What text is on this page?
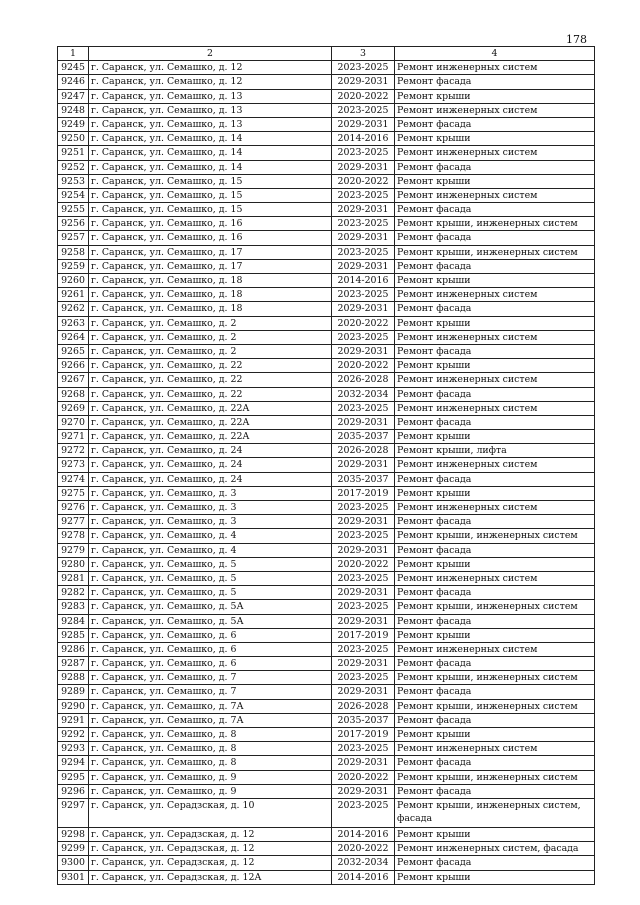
178
1	2	3	4
9245	г. Саранск, ул. Семашко, д. 12	2023-2025	Ремонт инженерных систем
9246	г. Саранск, ул. Семашко, д. 12	2029-2031	Ремонт фасада
9247	г. Саранск, ул. Семашко, д. 13	2020-2022	Ремонт крыши
9248	г. Саранск, ул. Семашко, д. 13	2023-2025	Ремонт инженерных систем
9249	г. Саранск, ул. Семашко, д. 13	2029-2031	Ремонт фасада
9250	г. Саранск, ул. Семашко, д. 14	2014-2016	Ремонт крыши
9251	г. Саранск, ул. Семашко, д. 14	2023-2025	Ремонт инженерных систем
9252	г. Саранск, ул. Семашко, д. 14	2029-2031	Ремонт фасада
9253	г. Саранск, ул. Семашко, д. 15	2020-2022	Ремонт крыши
9254	г. Саранск, ул. Семашко, д. 15	2023-2025	Ремонт инженерных систем
9255	г. Саранск, ул. Семашко, д. 15	2029-2031	Ремонт фасада
9256	г. Саранск, ул. Семашко, д. 16	2023-2025	Ремонт крыши, инженерных систем
9257	г. Саранск, ул. Семашко, д. 16	2029-2031	Ремонт фасада
9258	г. Саранск, ул. Семашко, д. 17	2023-2025	Ремонт крыши, инженерных систем
9259	г. Саранск, ул. Семашко, д. 17	2029-2031	Ремонт фасада
9260	г. Саранск, ул. Семашко, д. 18	2014-2016	Ремонт крыши
9261	г. Саранск, ул. Семашко, д. 18	2023-2025	Ремонт инженерных систем
9262	г. Саранск, ул. Семашко, д. 18	2029-2031	Ремонт фасада
9263	г. Саранск, ул. Семашко, д. 2	2020-2022	Ремонт крыши
9264	г. Саранск, ул. Семашко, д. 2	2023-2025	Ремонт инженерных систем
9265	г. Саранск, ул. Семашко, д. 2	2029-2031	Ремонт фасада
9266	г. Саранск, ул. Семашко, д. 22	2020-2022	Ремонт крыши
9267	г. Саранск, ул. Семашко, д. 22	2026-2028	Ремонт инженерных систем
9268	г. Саранск, ул. Семашко, д. 22	2032-2034	Ремонт фасада
9269	г. Саранск, ул. Семашко, д. 22А	2023-2025	Ремонт инженерных систем
9270	г. Саранск, ул. Семашко, д. 22А	2029-2031	Ремонт фасада
9271	г. Саранск, ул. Семашко, д. 22А	2035-2037	Ремонт крыши
9272	г. Саранск, ул. Семашко, д. 24	2026-2028	Ремонт крыши, лифта
9273	г. Саранск, ул. Семашко, д. 24	2029-2031	Ремонт инженерных систем
9274	г. Саранск, ул. Семашко, д. 24	2035-2037	Ремонт фасада
9275	г. Саранск, ул. Семашко, д. 3	2017-2019	Ремонт крыши
9276	г. Саранск, ул. Семашко, д. 3	2023-2025	Ремонт инженерных систем
9277	г. Саранск, ул. Семашко, д. 3	2029-2031	Ремонт фасада
9278	г. Саранск, ул. Семашко, д. 4	2023-2025	Ремонт крыши, инженерных систем
9279	г. Саранск, ул. Семашко, д. 4	2029-2031	Ремонт фасада
9280	г. Саранск, ул. Семашко, д. 5	2020-2022	Ремонт крыши
9281	г. Саранск, ул. Семашко, д. 5	2023-2025	Ремонт инженерных систем
9282	г. Саранск, ул. Семашко, д. 5	2029-2031	Ремонт фасада
9283	г. Саранск, ул. Семашко, д. 5А	2023-2025	Ремонт крыши, инженерных систем
9284	г. Саранск, ул. Семашко, д. 5А	2029-2031	Ремонт фасада
9285	г. Саранск, ул. Семашко, д. 6	2017-2019	Ремонт крыши
9286	г. Саранск, ул. Семашко, д. 6	2023-2025	Ремонт инженерных систем
9287	г. Саранск, ул. Семашко, д. 6	2029-2031	Ремонт фасада
9288	г. Саранск, ул. Семашко, д. 7	2023-2025	Ремонт крыши, инженерных систем
9289	г. Саранск, ул. Семашко, д. 7	2029-2031	Ремонт фасада
9290	г. Саранск, ул. Семашко, д. 7А	2026-2028	Ремонт крыши, инженерных систем
9291	г. Саранск, ул. Семашко, д. 7А	2035-2037	Ремонт фасада
9292	г. Саранск, ул. Семашко, д. 8	2017-2019	Ремонт крыши
9293	г. Саранск, ул. Семашко, д. 8	2023-2025	Ремонт инженерных систем
9294	г. Саранск, ул. Семашко, д. 8	2029-2031	Ремонт фасада
9295	г. Саранск, ул. Семашко, д. 9	2020-2022	Ремонт крыши, инженерных систем
9296	г. Саранск, ул. Семашко, д. 9	2029-2031	Ремонт фасада
9297	г. Саранск, ул. Серадзская, д. 10	2023-2025	Ремонт крыши, инженерных систем, фасада
9298	г. Саранск, ул. Серадзская, д. 12	2014-2016	Ремонт крыши
9299	г. Саранск, ул. Серадзская, д. 12	2020-2022	Ремонт инженерных систем, фасада
9300	г. Саранск, ул. Серадзская, д. 12	2032-2034	Ремонт фасада
9301	г. Саранск, ул. Серадзская, д. 12А	2014-2016	Ремонт крыши
